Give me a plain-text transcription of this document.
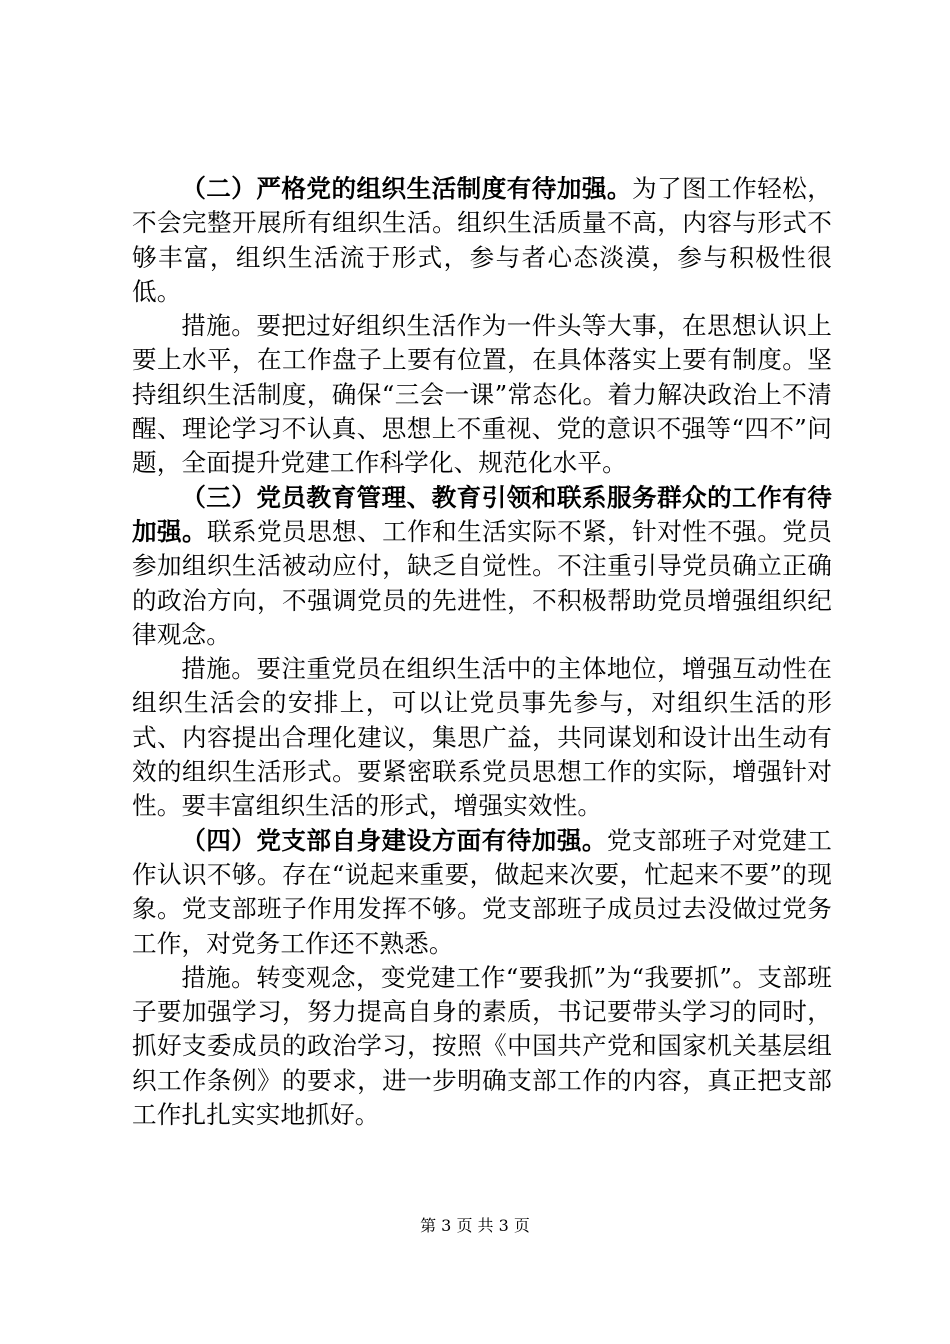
（二）严格党的组织生活制度有待加强。为了图工作轻松，不会完整开展所有组织生活。组织生活质量不高，内容与形式不够丰富，组织生活流于形式，参与者心态淡漠，参与积极性很低。

措施。要把过好组织生活作为一件头等大事，在思想认识上要上水平，在工作盘子上要有位置，在具体落实上要有制度。坚持组织生活制度，确保“三会一课”常态化。着力解决政治上不清醒、理论学习不认真、思想上不重视、党的意识不强等“四不”问题，全面提升党建工作科学化、规范化水平。

（三）党员教育管理、教育引领和联系服务群众的工作有待加强。联系党员思想、工作和生活实际不紧，针对性不强。党员参加组织生活被动应付，缺乏自觉性。不注重引导党员确立正确的政治方向，不强调党员的先进性，不积极帮助党员增强组织纪律观念。

措施。要注重党员在组织生活中的主体地位，增强互动性在组织生活会的安排上，可以让党员事先参与，对组织生活的形式、内容提出合理化建议，集思广益，共同谋划和设计出生动有效的组织生活形式。要紧密联系党员思想工作的实际，增强针对性。要丰富组织生活的形式，增强实效性。

（四）党支部自身建设方面有待加强。党支部班子对党建工作认识不够。存在“说起来重要，做起来次要，忙起来不要”的现象。党支部班子作用发挥不够。党支部班子成员过去没做过党务工作，对党务工作还不熟悉。

措施。转变观念，变党建工作“要我抓”为“我要抓”。支部班子要加强学习，努力提高自身的素质，书记要带头学习的同时，抓好支委成员的政治学习，按照《中国共产党和国家机关基层组织工作条例》的要求，进一步明确支部工作的内容，真正把支部工作扎扎实实地抓好。

第 3 页 共 3 页
